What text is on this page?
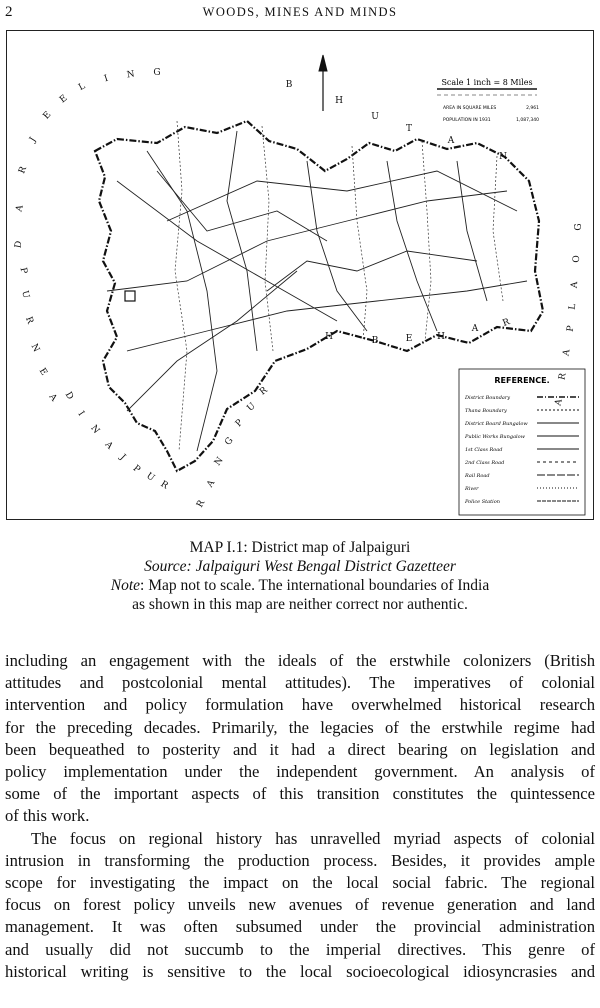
2	WOODS, MINES AND MINDS
Scale 1 inch = 8 Miles
AREA IN SQUARE MILES	2,961
POPULATION IN 1931	1,087,340
REFERENCE.
District Boundary
Thana Boundary
District Board Bungalow
Public Works Bungalow
1st Class Road
2nd Class Road
Rail Road
River
Police Station
D
A
R
J
E
E
L
I N G
B
H
U
T
A
N
G
O
A
L
P
A
R
A
P
U
R
N
E
A D
I
N
A
J
P
U
R
R
A
N
G
P
U
R
H	B	E	H
A
R
MAP I.1: District map of Jalpaiguri
Source: Jalpaiguri West Bengal District Gazetteer
Note: Map not to scale. The international boundaries of India
as shown in this map are neither correct nor authentic.
including an engagement with the ideals of the erstwhile colonizers (British
attitudes and postcolonial mental attitudes). The imperatives of colonial
intervention and policy formulation have overwhelmed historical research
for the preceding decades. Primarily, the legacies of the erstwhile regime had
been bequeathed to posterity and it had a direct bearing on legislation and
policy implementation under the independent government. An analysis of
some of the important aspects of this transition constitutes the quintessence
of this work.
The focus on regional history has unravelled myriad aspects of colonial
intrusion in transforming the production process. Besides, it provides ample
scope for investigating the impact on the local social fabric. The regional
focus on forest policy unveils new avenues of revenue generation and land
management. It was often subsumed under the provincial administration
and usually did not succumb to the imperial directives. This genre of
historical writing is sensitive to the local socioecological idiosyncrasies and
